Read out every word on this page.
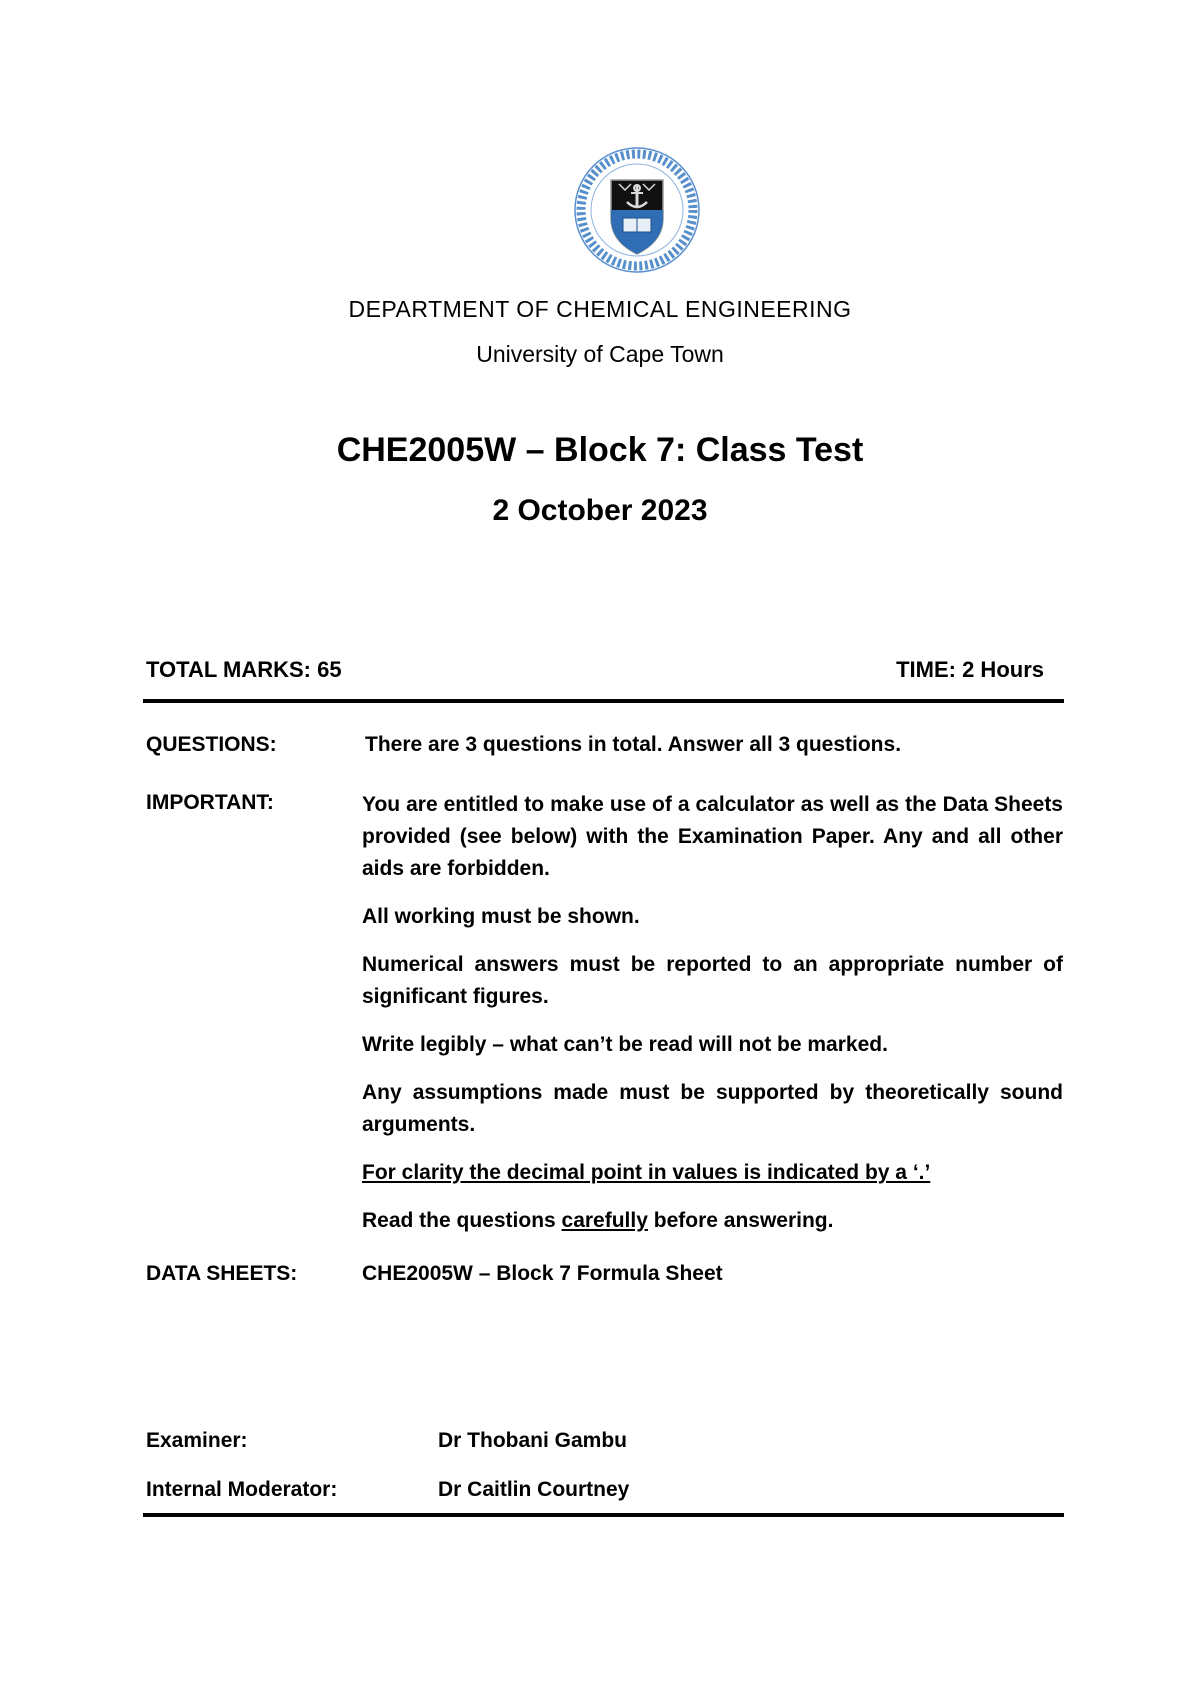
DEPARTMENT OF CHEMICAL ENGINEERING
University of Cape Town
CHE2005W – Block 7: Class Test
2 October 2023
TOTAL MARKS: 65	TIME: 2 Hours
QUESTIONS:	There are 3 questions in total. Answer all 3 questions.
IMPORTANT:	You are entitled to make use of a calculator as well as the Data Sheets provided (see below) with the Examination Paper. Any and all other aids are forbidden.

All working must be shown.

Numerical answers must be reported to an appropriate number of significant figures.

Write legibly – what can’t be read will not be marked.

Any assumptions made must be supported by theoretically sound arguments.

For clarity the decimal point in values is indicated by a ‘.’

Read the questions carefully before answering.

DATA SHEETS:	CHE2005W – Block 7 Formula Sheet
Examiner:	Dr Thobani Gambu
Internal Moderator:	Dr Caitlin Courtney
